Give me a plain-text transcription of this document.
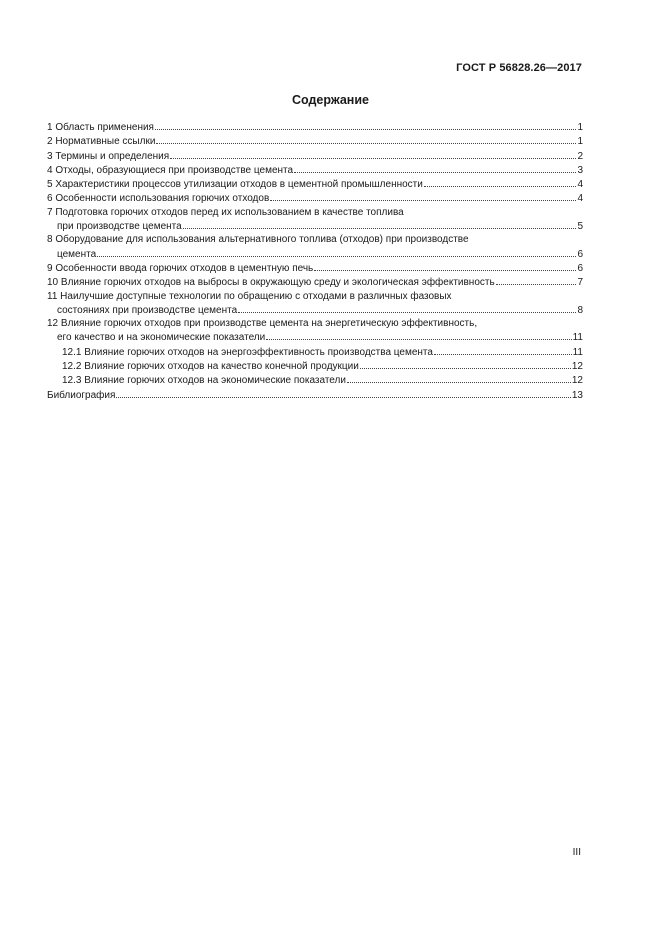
ГОСТ Р 56828.26—2017
Содержание
1 Область применения	1
2 Нормативные ссылки	1
3 Термины и определения	2
4 Отходы, образующиеся при производстве цемента	3
5 Характеристики процессов утилизации отходов в цементной промышленности	4
6 Особенности использования горючих отходов	4
7 Подготовка горючих отходов перед их использованием в качестве топлива
при производстве цемента	5
8 Оборудование для использования альтернативного топлива (отходов) при производстве
цемента	6
9 Особенности ввода горючих отходов в цементную печь	6
10 Влияние горючих отходов на выбросы в окружающую среду и экологическая эффективность	7
11 Наилучшие доступные технологии по обращению с отходами в различных фазовых
состояниях при производстве цемента	8
12 Влияние горючих отходов при производстве цемента на энергетическую эффективность,
его качество и на экономические показатели	11
12.1 Влияние горючих отходов на энергоэффективность производства цемента	11
12.2 Влияние горючих отходов на качество конечной продукции	12
12.3 Влияние горючих отходов на экономические показатели	12
Библиография	13
III
